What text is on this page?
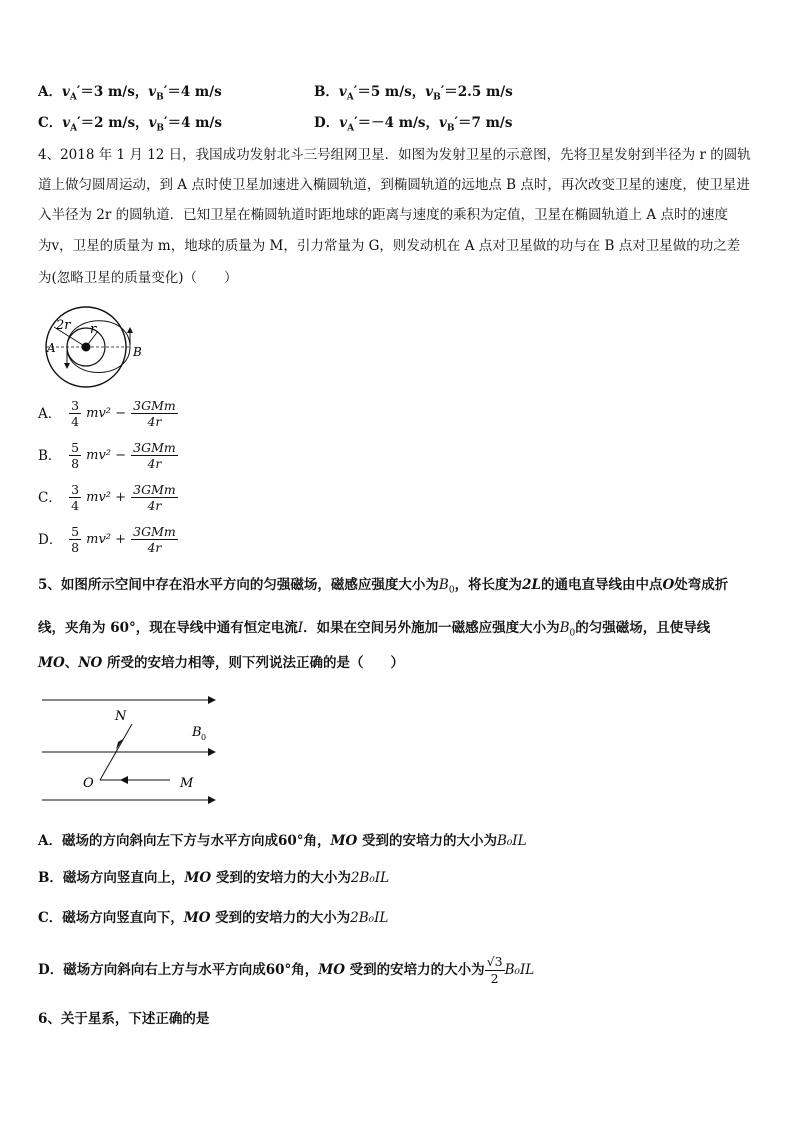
A．$v_A'=3$ m/s，$v_B'=4$ m/s	B．$v_A'=5$ m/s，$v_B'=2.5$ m/s
C．$v_A'=2$ m/s，$v_B'=4$ m/s	D．$v_A'=-4$ m/s，$v_B'=7$ m/s
4、2018 年 1 月 12 日，我国成功发射北斗三号组网卫星．如图为发射卫星的示意图，先将卫星发射到半径为 r 的圆轨
道上做匀圆周运动，到 A 点时使卫星加速进入椭圆轨道，到椭圆轨道的远地点 B 点时，再次改变卫星的速度，使卫星进
入半径为 2r 的圆轨道．已知卫星在椭圆轨道时距地球的距离与速度的乘积为定值，卫星在椭圆轨道上 A 点时的速度
为v，卫星的质量为 m，地球的质量为 M，引力常量为 G，则发动机在 A 点对卫星做的功与在 B 点对卫星做的功之差
为(忽略卫星的质量变化)（　　）
2r r
A	B
A． $\frac{3}{4} mv^2 - \frac{\text{3GMm}}{4r}$
B． $\frac{5}{8} mv^2 - \frac{\text{3GMm}}{4r}$
C． $\frac{3}{4} mv^2 + \frac{\text{3GMm}}{4r}$
D． $\frac{5}{8} mv^2 + \frac{\text{3GMm}}{4r}$
5、如图所示空间中存在沿水平方向的匀强磁场，磁感应强度大小为$B_0$，将长度为2L的通电直导线由中点O处弯成折
线，夹角为 60°，现在导线中通有恒定电流I．如果在空间另外施加一磁感应强度大小为$B_0$的匀强磁场，且使导线
MO、NO 所受的安培力相等，则下列说法正确的是（　　）
N
B 0
O	M
A．磁场的方向斜向左下方与水平方向成60°角，MO 受到的安培力的大小为B₀IL
B．磁场方向竖直向上，MO 受到的安培力的大小为2B₀IL
C．磁场方向竖直向下，MO 受到的安培力的大小为2B₀IL
D．磁场方向斜向右上方与水平方向成60°角，MO 受到的安培力的大小为 $\frac{√3}{2} B_0IL$
6、关于星系，下述正确的是
